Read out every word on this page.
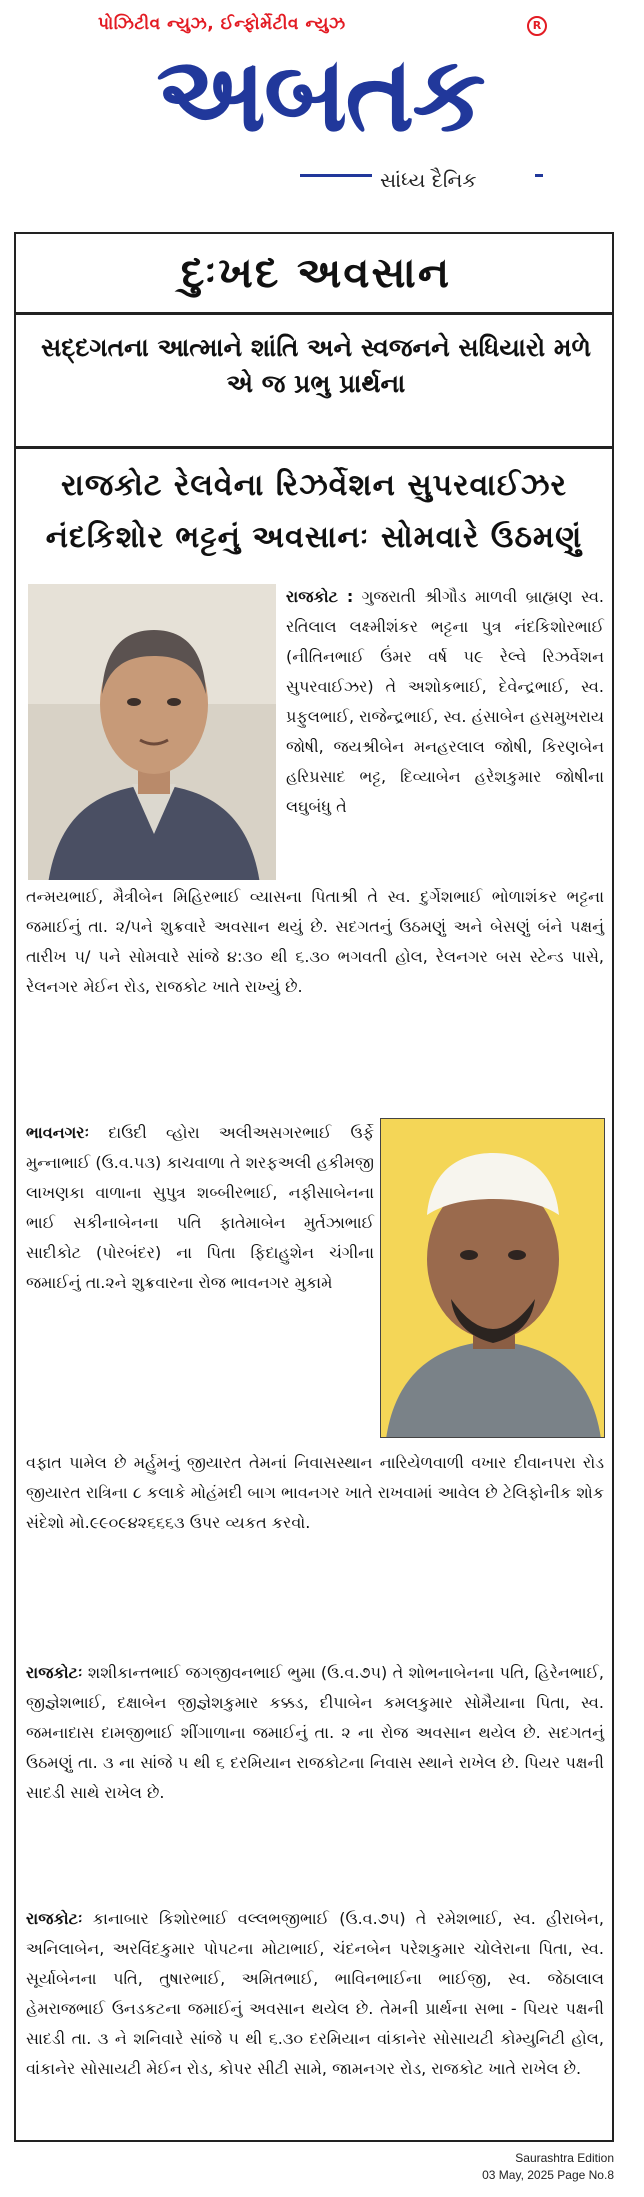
પોઝિટીવ ન્યુઝ, ઈન્ફોર્મેટીવ ન્યુઝ	R
અબતક
સાંધ્ય દૈનિક
દુઃખદ અવસાન
સદ્દગતના આત્માને શાંતિ અને સ્વજનને સધિયારો મળે એ જ પ્રભુ પ્રાર્થના
રાજકોટ રેલવેના રિઝર્વેશન સુપરવાઈઝર નંદકિશોર ભટ્ટનું અવસાનઃ સોમવારે ઉઠમણું
રાજકોટ : ગુજરાતી શ્રીગૌડ માળવી બ્રાહ્મણ સ્વ. રતિલાલ લક્ષ્મીશંકર ભટ્ટના પુત્ર નંદકિશોરભાઈ (નીતિનભાઈ ઉંમર વર્ષ ૫૯ રેલ્વે રિઝર્વેશન સુપરવાઈઝર) તે અશોકભાઈ, દેવેન્દ્રભાઈ, સ્વ. પ્રફુલભાઈ, રાજેન્દ્રભાઈ, સ્વ. હંસાબેન હસમુખરાય જોષી, જયશ્રીબેન મનહરલાલ જોષી, કિરણબેન હરિપ્રસાદ ભટ્ટ, દિવ્યાબેન હરેશકુમાર જોષીના લઘુબંધુ તે
તન્મયભાઈ, મૈત્રીબેન મિહિરભાઈ વ્યાસના પિતાશ્રી તે સ્વ. દુર્ગેશભાઈ ભોળાશંકર ભટ્ટના જમાઈનું તા. ૨/૫ને શુક્રવારે અવસાન થયું છે. સદગતનું ઉઠમણું અને બેસણું બંને પક્ષનું તારીખ ૫/ ૫ને સોમવારે સાંજે ૪:૩૦ થી ૬.૩૦ ભગવતી હોલ, રેલનગર બસ સ્ટેન્ડ પાસે, રેલનગર મેઈન રોડ, રાજકોટ ખાતે રાખ્યું છે.
ભાવનગરઃ દાઉદી વ્હોરા અલીઅસગરભાઈ ઉર્ફે મુન્નાભાઈ (ઉ.વ.૫૩) કાચવાળા તે શરફઅલી હકીમજી લાખણકા વાળાના સુપુત્ર શબ્બીરભાઈ, નફીસાબેનના ભાઈ સકીનાબેનના પતિ ફાતેમાબેન મુર્તઝાભાઈ સાદીકોટ (પોરબંદર) ના પિતા ફિદાહુશેન ચંગીના જમાઈનું તા.૨ને શુક્રવારના રોજ ભાવનગર મુકામે
વફાત પામેલ છે મર્હુમનું જીયારત તેમનાં નિવાસસ્થાન નારિયેળવાળી વખાર દીવાનપરા રોડ જીયારત રાત્રિના ૮ કલાકે મોહંમદી બાગ ભાવનગર ખાતે રાખવામાં આવેલ છે ટેલિફોનીક શોક સંદેશો મો.૯૯૦૯૪૨૬૬૬૩ ઉપર વ્યકત કરવો.
રાજકોટઃ શશીકાન્તભાઈ જગજીવનભાઈ ભુમા (ઉ.વ.૭૫) તે શોભનાબેનના પતિ, હિરેનભાઈ, જીજ્ઞેશભાઈ, દક્ષાબેન જીજ્ઞેશકુમાર કક્કડ, દીપાબેન કમલકુમાર સોમૈયાના પિતા, સ્વ. જમનાદાસ દામજીભાઈ શીંગાળાના જમાઈનું તા. ૨ ના રોજ અવસાન થયેલ છે. સદગતનું ઉઠમણું તા. ૩ ના સાંજે ૫ થી ૬ દરમિયાન રાજકોટના નિવાસ સ્થાને રાખેલ છે. પિયર પક્ષની સાદડી સાથે રાખેલ છે.
રાજકોટઃ કાનાબાર કિશોરભાઈ વલ્લભજીભાઈ (ઉ.વ.૭૫) તે રમેશભાઈ, સ્વ. હીરાબેન, અનિલાબેન, અરવિંદકુમાર પોપટના મોટાભાઈ, ચંદનબેન પરેશકુમાર ચોલેરાના પિતા, સ્વ. સૂર્યાબેનના પતિ, તુષારભાઈ, અમિતભાઈ, ભાવિનભાઈના ભાઈજી, સ્વ. જેઠાલાલ હેમરાજભાઈ ઉનડકટના જમાઈનું અવસાન થયેલ છે. તેમની પ્રાર્થના સભા - પિયર પક્ષની સાદડી તા. ૩ ને શનિવારે સાંજે ૫ થી ૬.૩૦ દરમિયાન વાંકાનેર સોસાયટી કોમ્યુનિટી હોલ, વાંકાનેર સોસાયટી મેઈન રોડ, કોપર સીટી સામે, જામનગર રોડ, રાજકોટ ખાતે રાખેલ છે.
Saurashtra Edition
03 May, 2025 Page No.8
